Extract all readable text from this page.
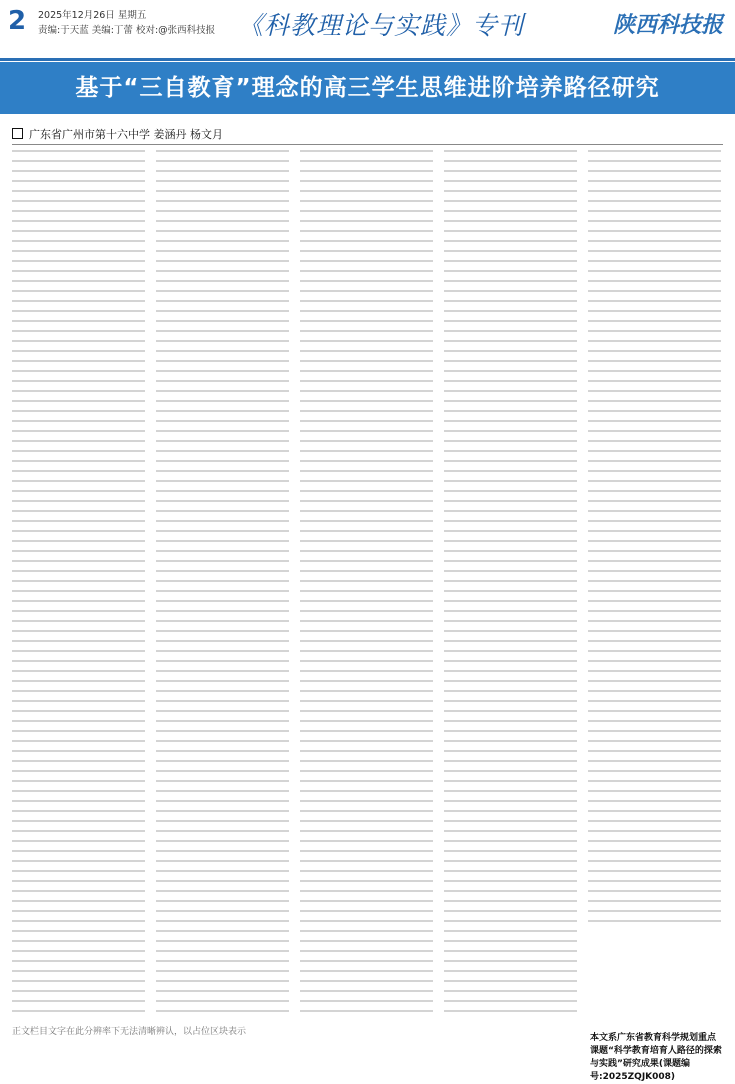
2 2025年12月26日 星期五
责编:于天蓝 美编:丁蕾 校对:@张西科技报 《科教理论与实践》专刊	陕西科技报
基于“三自教育”理念的高三学生思维进阶培养路径研究
广东省广州市第十六中学 姜涵丹 杨文月
正文栏目文字在此分辨率下无法清晰辨认，以占位区块表示
本文系广东省教育科学规划重点课题“科学教育培育人路径的探索与实践”研究成果(课题编号:2025ZQJK008)
